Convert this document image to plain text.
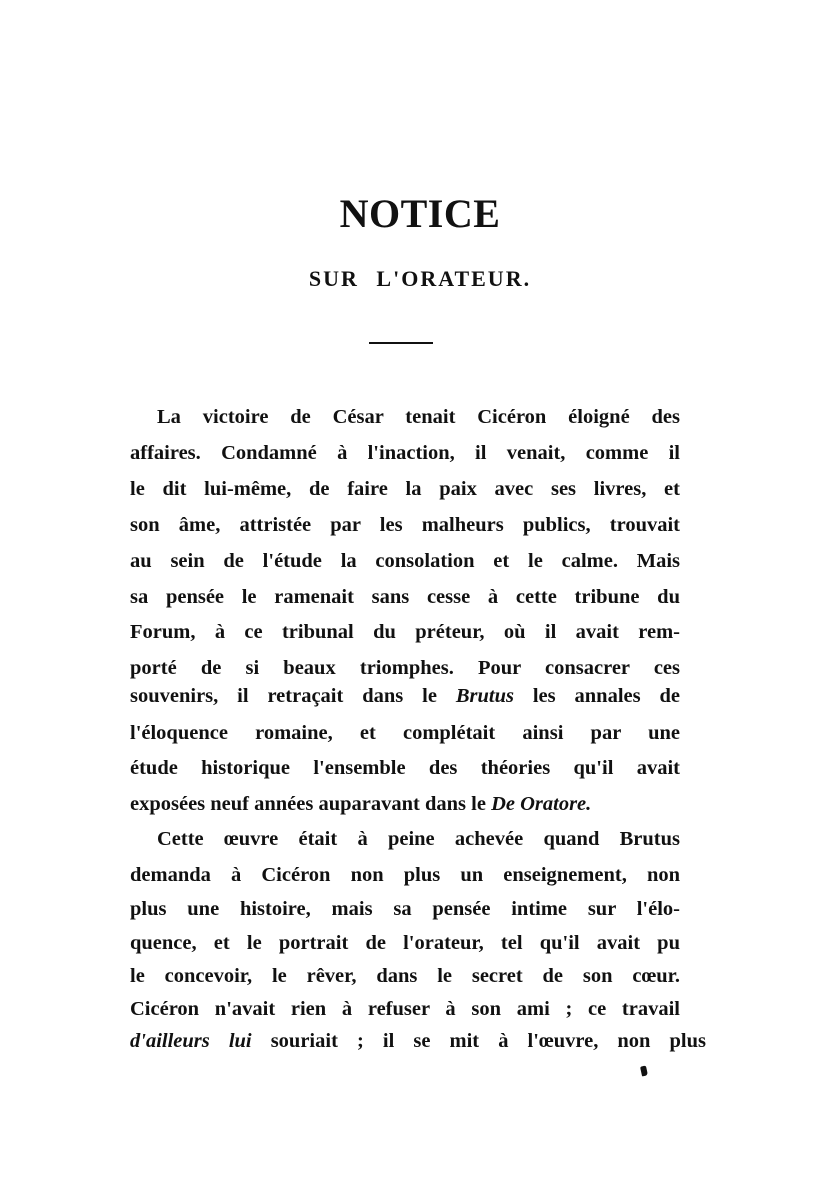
NOTICE
SUR L'ORATEUR.
La victoire de César tenait Cicéron éloigné des
affaires. Condamné à l'inaction, il venait, comme il
le dit lui-même, de faire la paix avec ses livres, et
son âme, attristée par les malheurs publics, trouvait
au sein de l'étude la consolation et le calme. Mais
sa pensée le ramenait sans cesse à cette tribune du
Forum, à ce tribunal du préteur, où il avait rem-
porté de si beaux triomphes. Pour consacrer ces
souvenirs, il retraçait dans le Brutus les annales de
l'éloquence romaine, et complétait ainsi par une
étude historique l'ensemble des théories qu'il avait
exposées neuf années auparavant dans le De Oratore.
Cette œuvre était à peine achevée quand Brutus
demanda à Cicéron non plus un enseignement, non
plus une histoire, mais sa pensée intime sur l'élo-
quence, et le portrait de l'orateur, tel qu'il avait pu
le concevoir, le rêver, dans le secret de son cœur.
Cicéron n'avait rien à refuser à son ami ; ce travail
d'ailleurs lui souriait ; il se mit à l'œuvre, non plus
